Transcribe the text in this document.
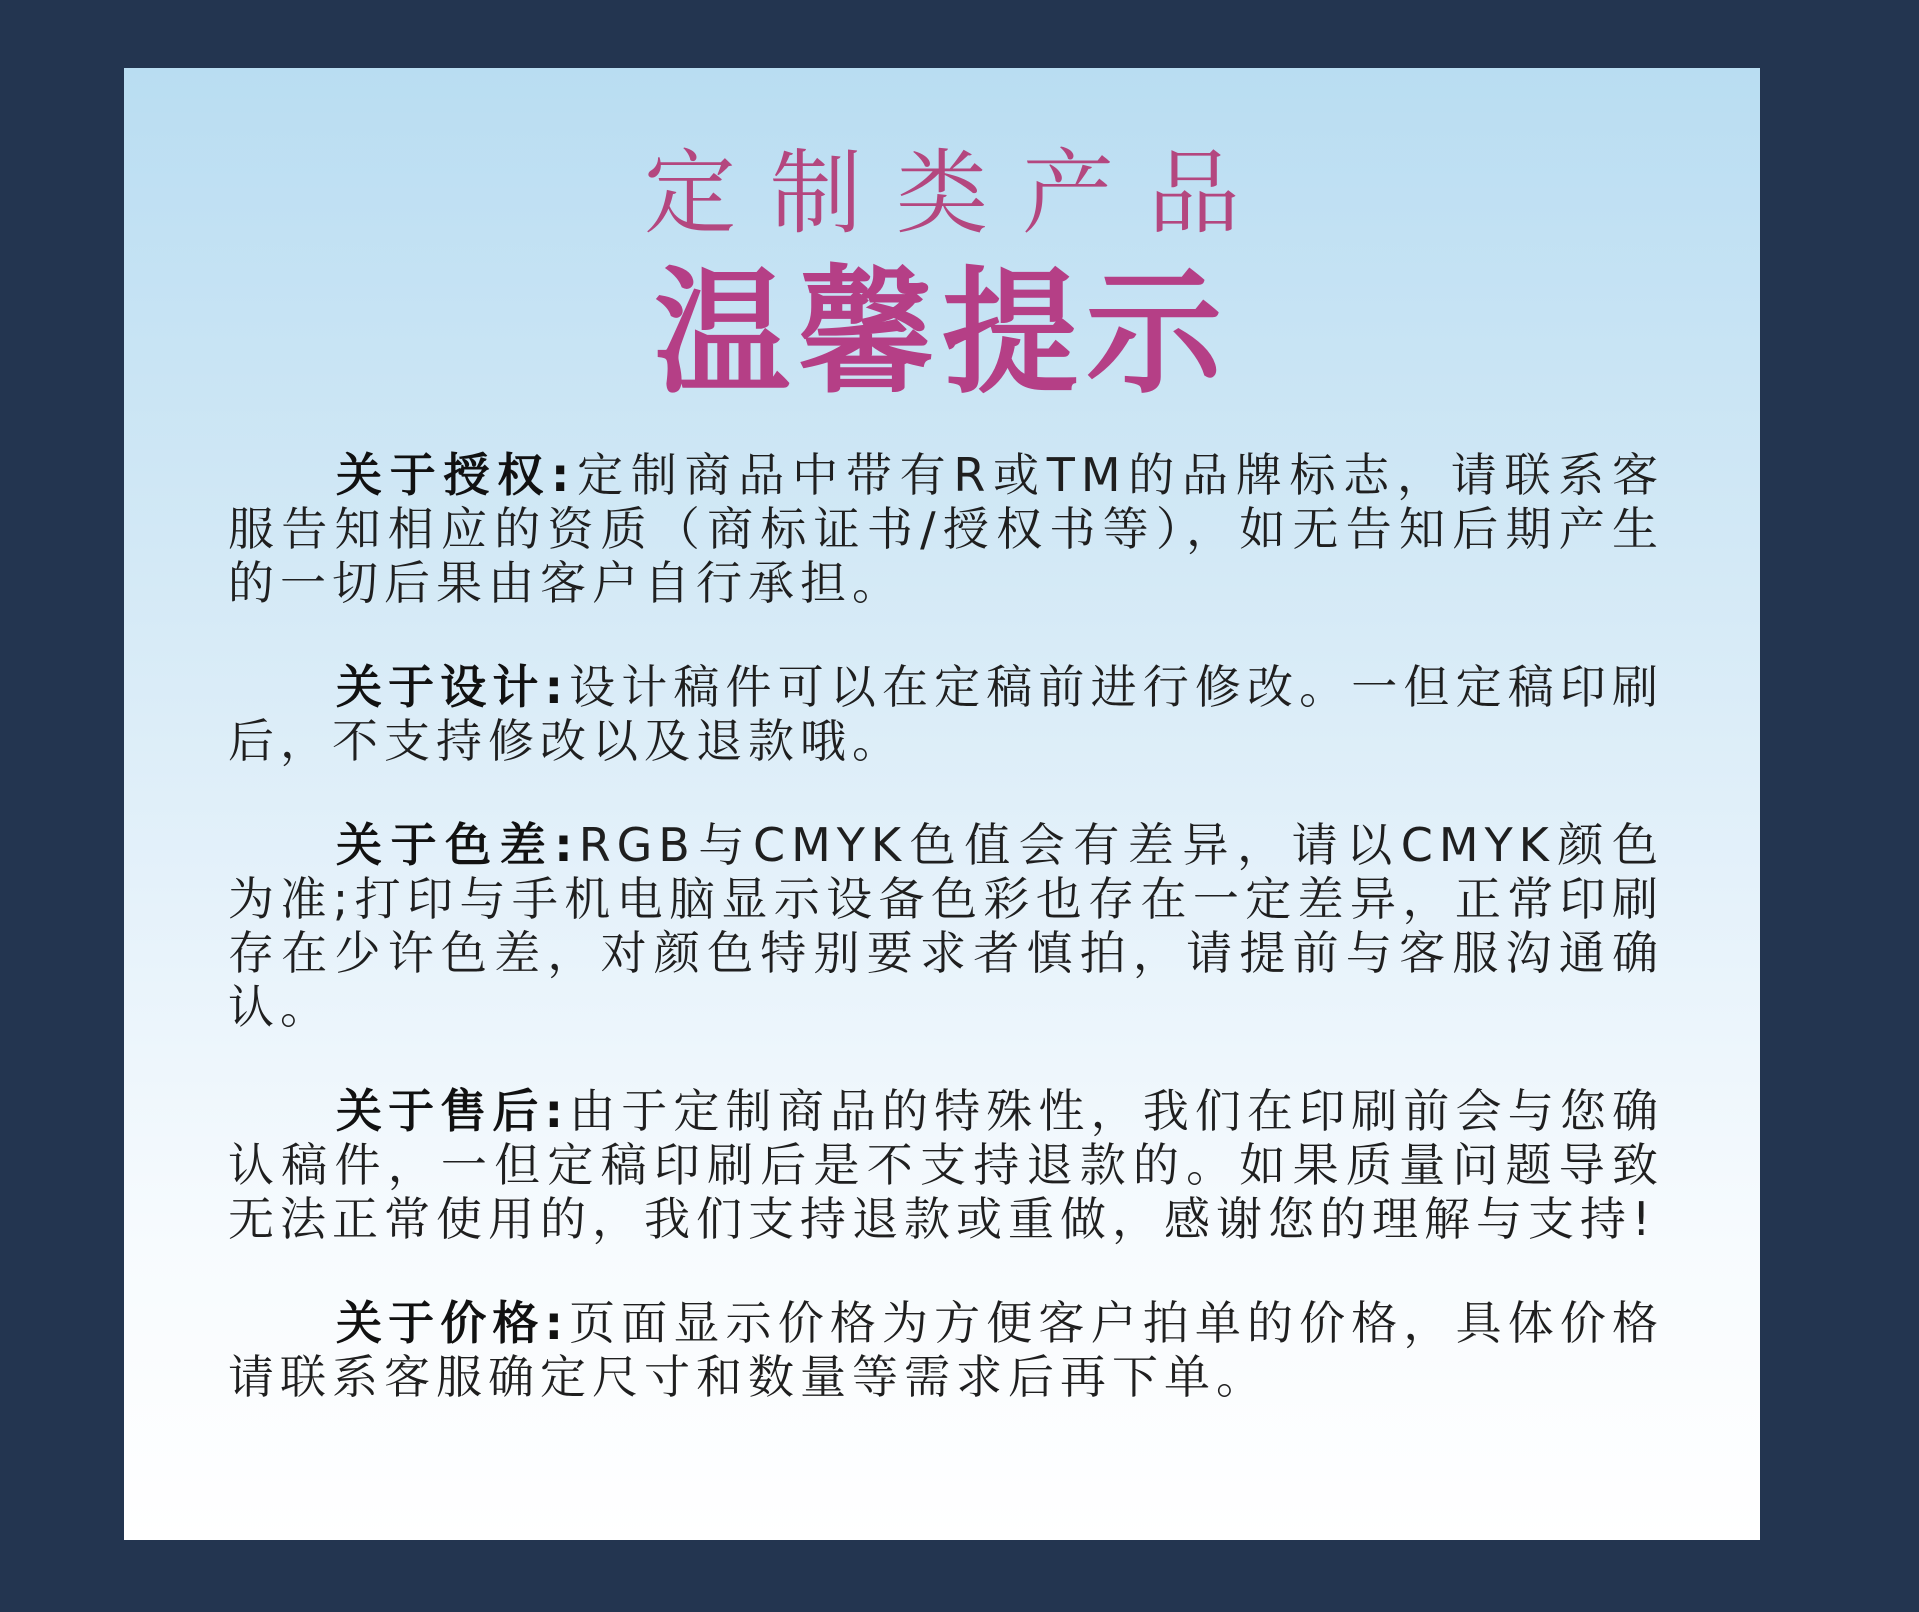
定制类产品
温馨提示

关于授权:定制商品中带有R或TM的品牌标志，请联系客服告知相应的资质（商标证书/授权书等），如无告知后期产生的一切后果由客户自行承担。

关于设计:设计稿件可以在定稿前进行修改。一但定稿印刷后，不支持修改以及退款哦。

关于色差:RGB与CMYK色值会有差异，请以CMYK颜色为准;打印与手机电脑显示设备色彩也存在一定差异，正常印刷存在少许色差，对颜色特别要求者慎拍，请提前与客服沟通确认。

关于售后:由于定制商品的特殊性，我们在印刷前会与您确认稿件，一但定稿印刷后是不支持退款的。如果质量问题导致无法正常使用的，我们支持退款或重做，感谢您的理解与支持!

关于价格:页面显示价格为方便客户拍单的价格，具体价格请联系客服确定尺寸和数量等需求后再下单。
